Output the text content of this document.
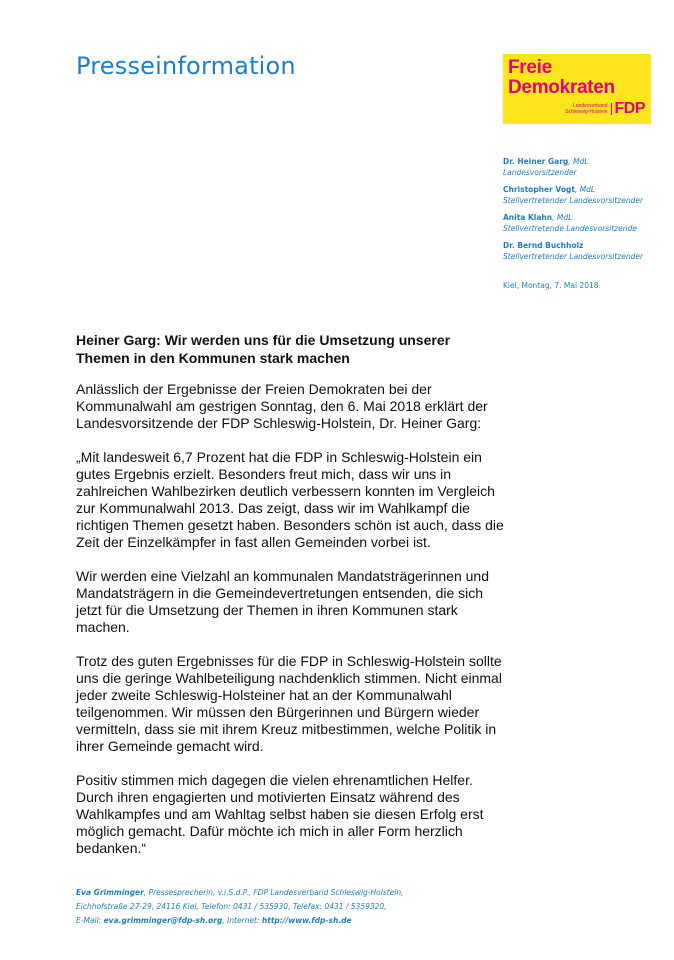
Presseinformation	Freie
Demokraten
Landesverband
Schleswig-Holstein FDP
Dr. Heiner Garg, MdL
Landesvorsitzender
Christopher Vogt, MdL
Stellvertretender Landesvorsitzender
Anita Klahn, MdL
Stellvertretende Landesvorsitzende
Dr. Bernd Buchholz
Stellvertretender Landesvorsitzender
Kiel, Montag, 7. Mai 2018
Heiner Garg: Wir werden uns für die Umsetzung unserer Themen in den Kommunen stark machen

Anlässlich der Ergebnisse der Freien Demokraten bei der
Kommunalwahl am gestrigen Sonntag, den 6. Mai 2018 erklärt der
Landesvorsitzende der FDP Schleswig-Holstein, Dr. Heiner Garg:

„Mit landesweit 6,7 Prozent hat die FDP in Schleswig-Holstein ein
gutes Ergebnis erzielt. Besonders freut mich, dass wir uns in
zahlreichen Wahlbezirken deutlich verbessern konnten im Vergleich
zur Kommunalwahl 2013. Das zeigt, dass wir im Wahlkampf die
richtigen Themen gesetzt haben. Besonders schön ist auch, dass die
Zeit der Einzelkämpfer in fast allen Gemeinden vorbei ist.

Wir werden eine Vielzahl an kommunalen Mandatsträgerinnen und
Mandatsträgern in die Gemeindevertretungen entsenden, die sich
jetzt für die Umsetzung der Themen in ihren Kommunen stark
machen.

Trotz des guten Ergebnisses für die FDP in Schleswig-Holstein sollte
uns die geringe Wahlbeteiligung nachdenklich stimmen. Nicht einmal
jeder zweite Schleswig-Holsteiner hat an der Kommunalwahl
teilgenommen. Wir müssen den Bürgerinnen und Bürgern wieder
vermitteln, dass sie mit ihrem Kreuz mitbestimmen, welche Politik in
ihrer Gemeinde gemacht wird.

Positiv stimmen mich dagegen die vielen ehrenamtlichen Helfer.
Durch ihren engagierten und motivierten Einsatz während des
Wahlkampfes und am Wahltag selbst haben sie diesen Erfolg erst
möglich gemacht. Dafür möchte ich mich in aller Form herzlich
bedanken.“

Eva Grimminger, Pressesprecherin, v.i.S.d.P., FDP Landesverband Schleswig-Holstein,
Eichhofstraße 27-29, 24116 Kiel, Telefon: 0431 / 535930, Telefax: 0431 / 5359320,
E-Mail: eva.grimminger@fdp-sh.org, Internet: http://www.fdp-sh.de
